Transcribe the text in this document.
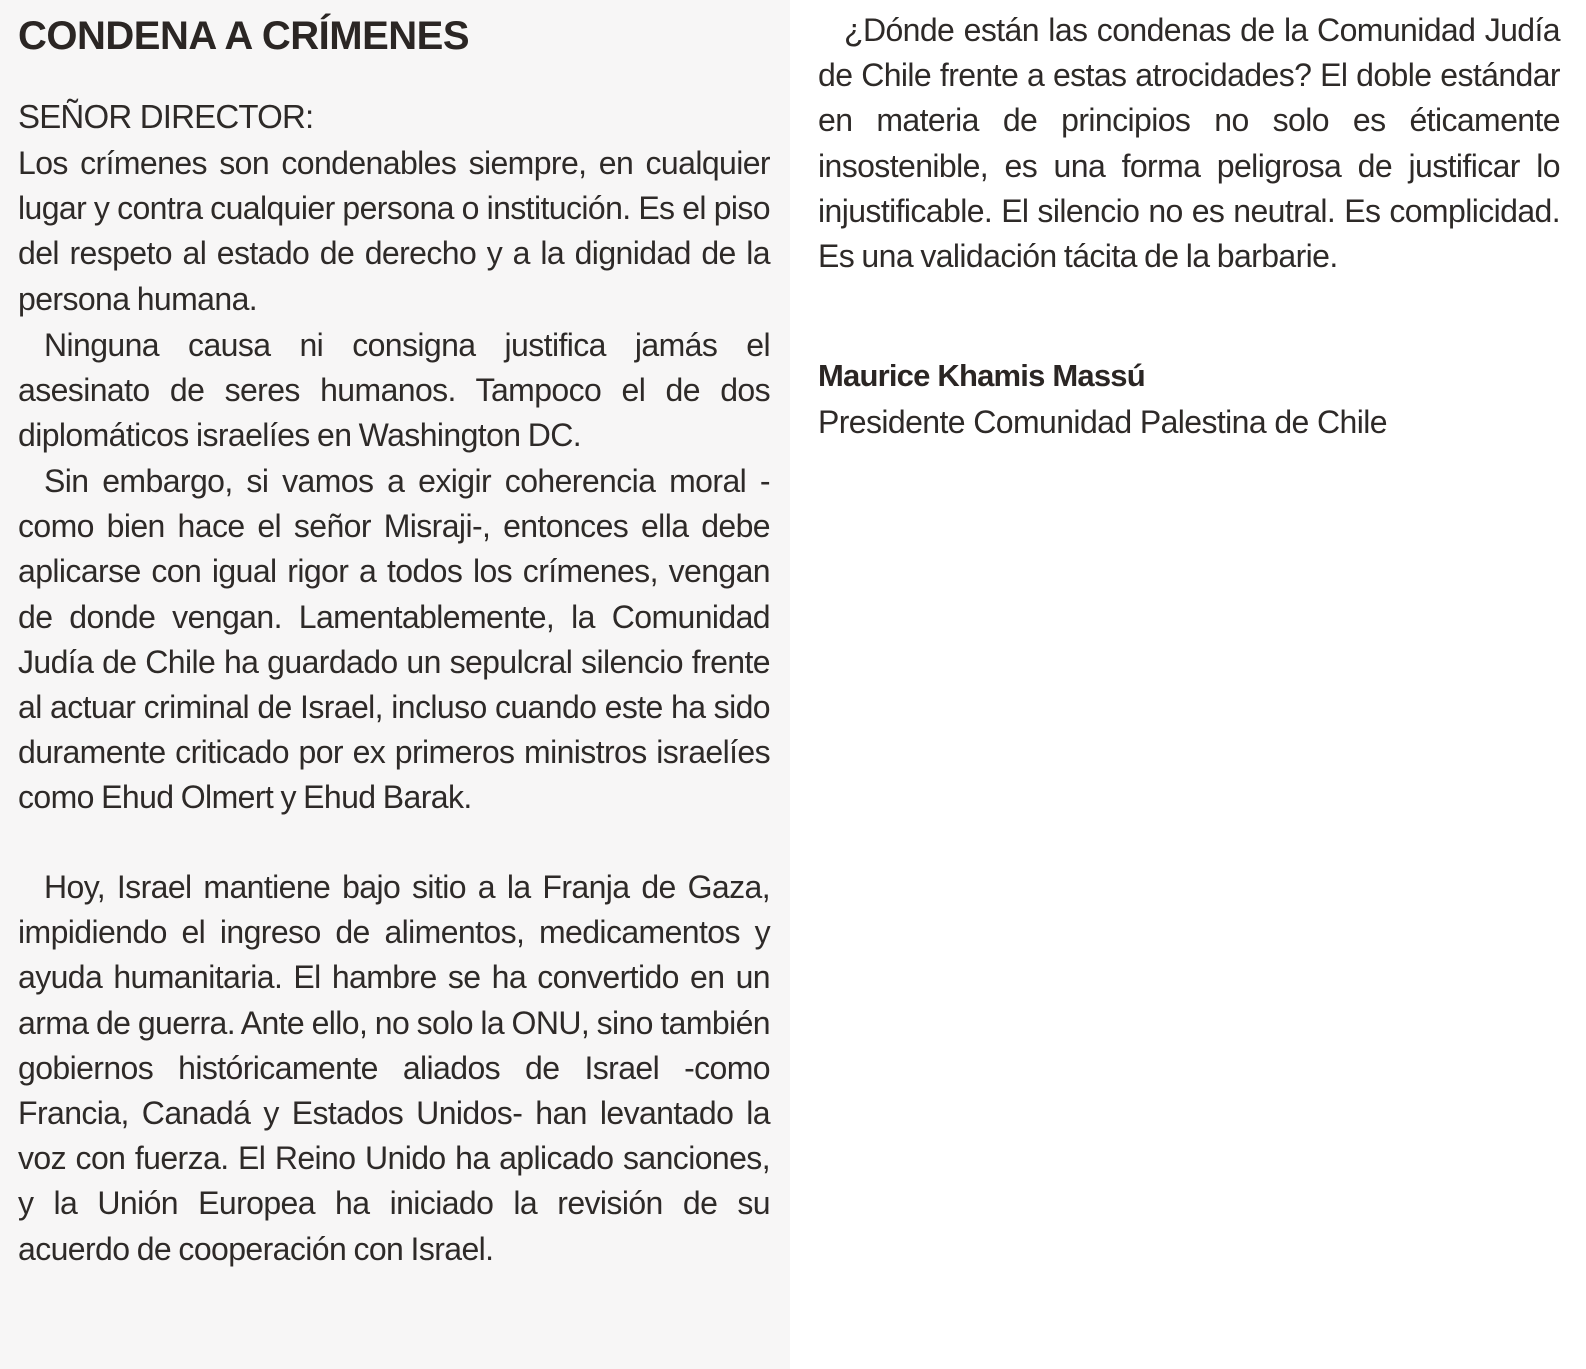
CONDENA A CRÍMENES

SEÑOR DIRECTOR:

Los crímenes son condenables siempre, en cualquier lugar y contra cualquier persona o institución. Es el piso del respeto al estado de derecho y a la dignidad de la persona humana.

Ninguna causa ni consigna justifica jamás el asesinato de seres humanos. Tampoco el de dos diplomáticos israelíes en Washington DC.

Sin embargo, si vamos a exigir coherencia moral -como bien hace el señor Misraji-, entonces ella debe aplicarse con igual rigor a todos los crímenes, vengan de donde vengan. Lamentablemente, la Comunidad Judía de Chile ha guardado un sepulcral silencio frente al actuar criminal de Israel, incluso cuando este ha sido duramente criticado por ex primeros ministros israelíes como Ehud Olmert y Ehud Barak.

Hoy, Israel mantiene bajo sitio a la Franja de Gaza, impidiendo el ingreso de alimentos, medicamentos y ayuda humanitaria. El hambre se ha convertido en un arma de guerra. Ante ello, no solo la ONU, sino también gobiernos históricamente aliados de Israel -como Francia, Canadá y Estados Unidos- han levantado la voz con fuerza. El Reino Unido ha aplicado sanciones, y la Unión Europea ha iniciado la revisión de su acuerdo de cooperación con Israel.

¿Dónde están las condenas de la Comunidad Judía de Chile frente a estas atrocidades? El doble estándar en materia de principios no solo es éticamente insostenible, es una forma peligrosa de justificar lo injustificable. El silencio no es neutral. Es complicidad. Es una validación tácita de la barbarie.

Maurice Khamis Massú

Presidente Comunidad Palestina de Chile
